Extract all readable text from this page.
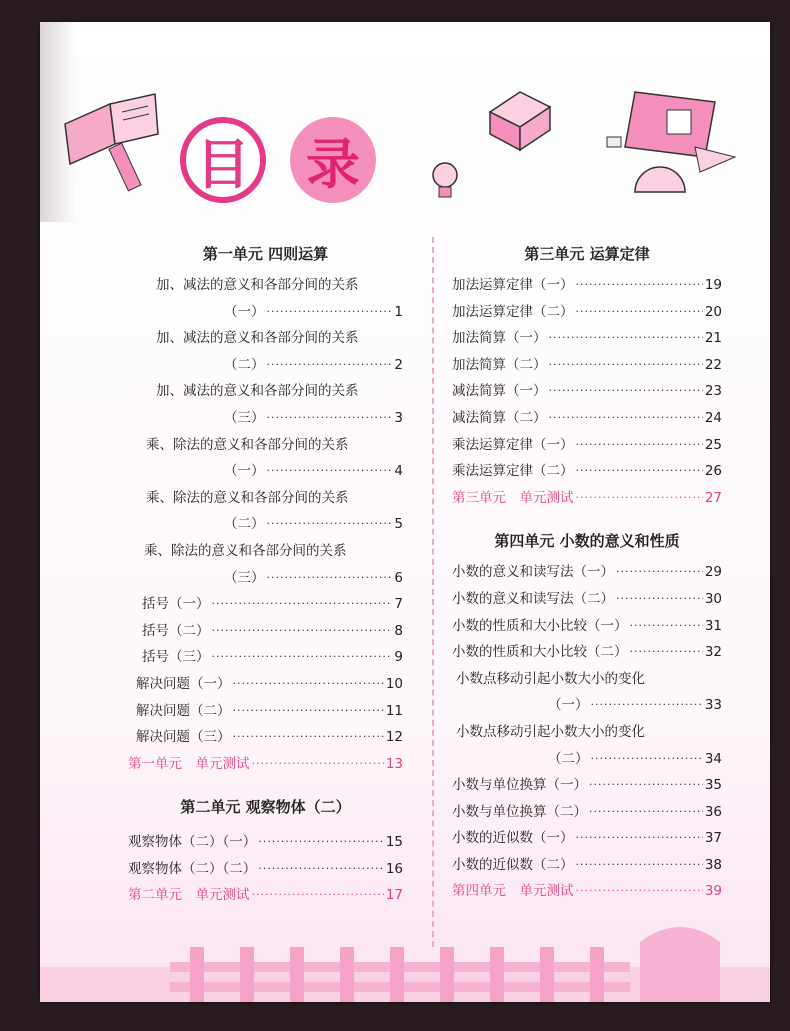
目 录
第一单元 四则运算
加、减法的意义和各部分间的关系
（一） ·····	1
加、减法的意义和各部分间的关系
（二） ·····	2
加、减法的意义和各部分间的关系
（三） ·····	3
乘、除法的意义和各部分间的关系
（一） ·····	4
乘、除法的意义和各部分间的关系
（二） ·····	5
乘、除法的意义和各部分间的关系
（三） ·····	6
括号（一） ·····	7
括号（二） ·····	8
括号（三） ·····	9
解决问题（一） ·····	10
解决问题（二） ·····	11
解决问题（三） ·····	12
第一单元　单元测试 ·····	13
第二单元 观察物体（二）
观察物体（二）（一） ·····	15
观察物体（二）（二） ·····	16
第二单元　单元测试 ·····	17
第三单元 运算定律
加法运算定律（一） ·····	19
加法运算定律（二） ·····	20
加法简算（一） ·····	21
加法简算（二） ·····	22
减法简算（一） ·····	23
减法简算（二） ·····	24
乘法运算定律（一） ·····	25
乘法运算定律（二） ·····	26
第三单元　单元测试 ·····	27
第四单元 小数的意义和性质
小数的意义和读写法（一） ·····	29
小数的意义和读写法（二） ·····	30
小数的性质和大小比较（一） ·····	31
小数的性质和大小比较（二） ·····	32
小数点移动引起小数大小的变化
（一） ·····	33
小数点移动引起小数大小的变化
（二） ·····	34
小数与单位换算（一） ·····	35
小数与单位换算（二） ·····	36
小数的近似数（一） ·····	37
小数的近似数（二） ·····	38
第四单元　单元测试 ·····	39
